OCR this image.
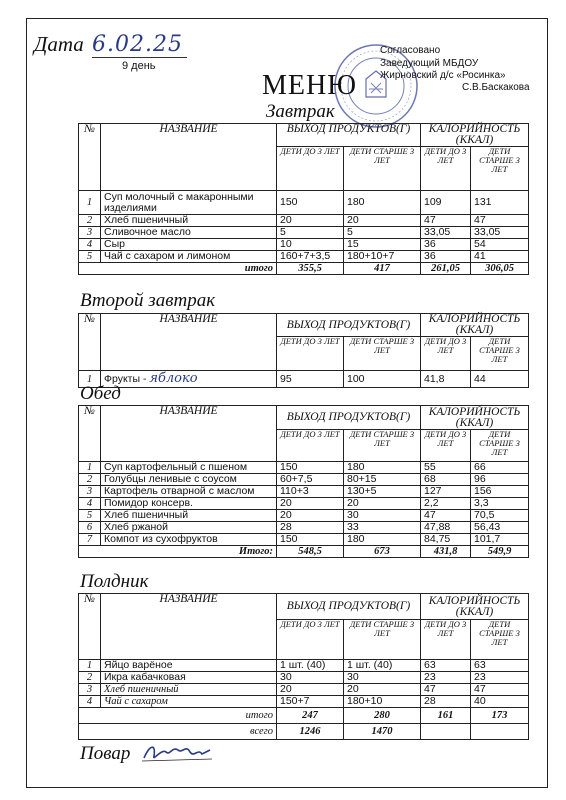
Дата 6.02.25
9 день
Согласовано
Заведующий МБДОУ
Жирновский д/с «Росинка»
С.В.Баскакова
МЕНЮ
Завтрак
№	НАЗВАНИЕ	ВЫХОД ПРОДУКТОВ(Г)		КАЛОРИЙНОСТЬ (ККАЛ)	
		ДЕТИ ДО 3 ЛЕТ	ДЕТИ СТАРШЕ 3 ЛЕТ	ДЕТИ ДО 3 ЛЕТ	ДЕТИ СТАРШЕ 3 ЛЕТ
1	Суп молочный с макаронными изделиями	150	180	109	131
2	Хлеб пшеничный	20	20	47	47
3	Сливочное масло	5	5	33,05	33,05
4	Сыр	10	15	36	54
5	Чай с сахаром и лимоном	160+7+3,5	180+10+7	36	41
итого		355,5	417	261,05	306,05
Второй завтрак
№	НАЗВАНИЕ	ВЫХОД ПРОДУКТОВ(Г)		КАЛОРИЙНОСТЬ (ККАЛ)	
		ДЕТИ ДО 3 ЛЕТ	ДЕТИ СТАРШЕ 3 ЛЕТ	ДЕТИ ДО 3 ЛЕТ	ДЕТИ СТАРШЕ 3 ЛЕТ
1	Фрукты - яблоко	95	100	41,8	44
Обед
№	НАЗВАНИЕ	ВЫХОД ПРОДУКТОВ(Г)		КАЛОРИЙНОСТЬ (ККАЛ)	
		ДЕТИ ДО 3 ЛЕТ	ДЕТИ СТАРШЕ 3 ЛЕТ	ДЕТИ ДО 3 ЛЕТ	ДЕТИ СТАРШЕ 3 ЛЕТ
1	Суп картофельный с пшеном	150	180	55	66
2	Голубцы ленивые с соусом	60+7,5	80+15	68	96
3	Картофель отварной с маслом	110+3	130+5	127	156
4	Помидор консерв.	20	20	2,2	3,3
5	Хлеб пшеничный	20	30	47	70,5
6	Хлеб ржаной	28	33	47,88	56,43
7	Компот из сухофруктов	150	180	84,75	101,7
Итого:		548,5	673	431,8	549,9
Полдник
№	НАЗВАНИЕ	ВЫХОД ПРОДУКТОВ(Г)		КАЛОРИЙНОСТЬ (ККАЛ)	
		ДЕТИ ДО 3 ЛЕТ	ДЕТИ СТАРШЕ 3 ЛЕТ	ДЕТИ ДО 3 ЛЕТ	ДЕТИ СТАРШЕ 3 ЛЕТ
1	Яйцо варёное	1 шт. (40)	1 шт. (40)	63	63
2	Икра кабачковая	30	30	23	23
3	Хлеб пшеничный	20	20	47	47
4	Чай с сахаром	150+7	180+10	28	40
итого		247	280	161	173
всего		1246	1470		
Повар
